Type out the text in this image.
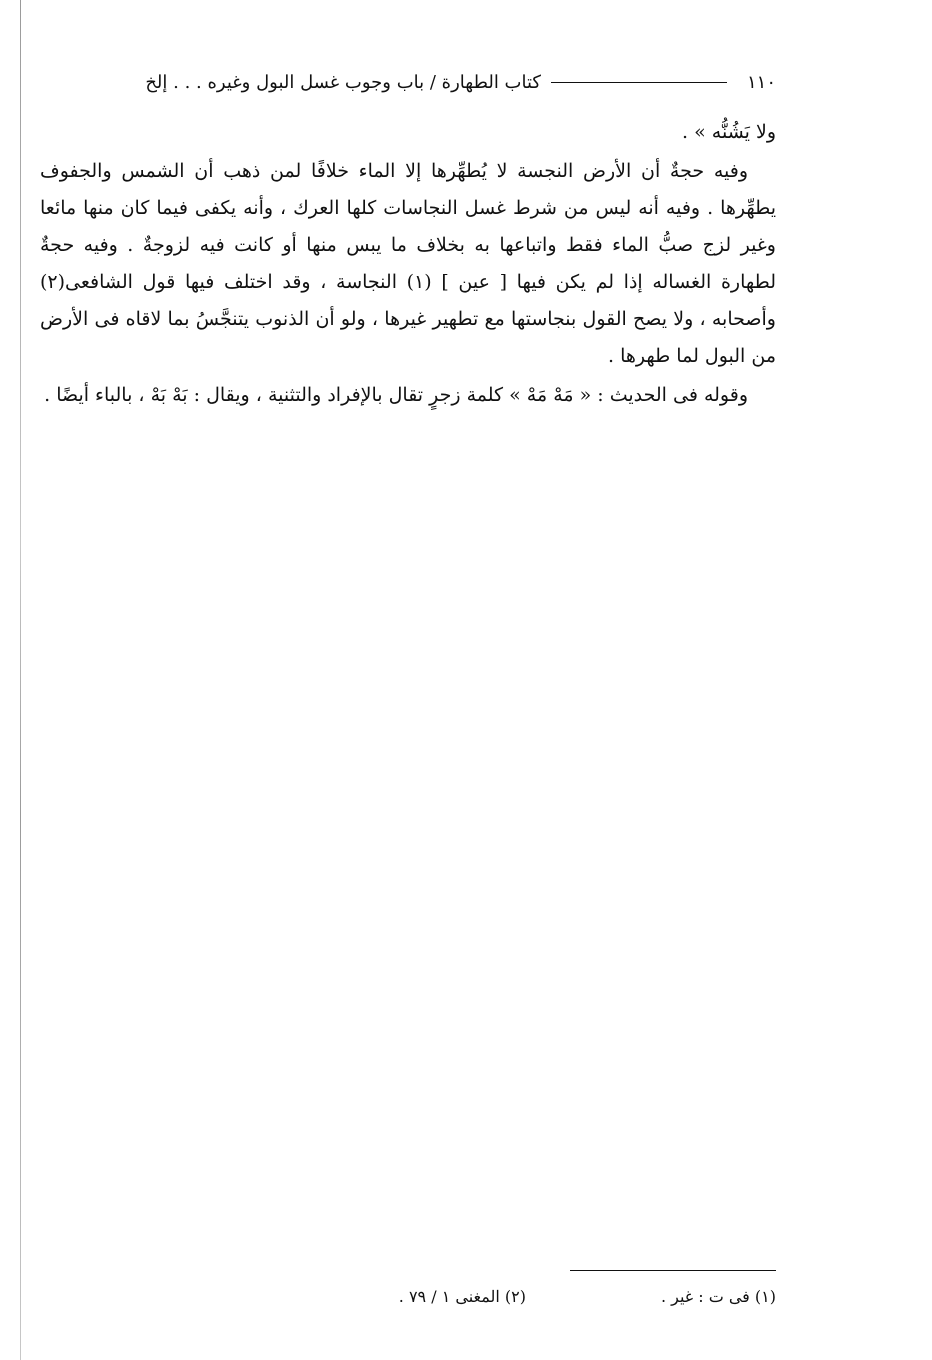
١١٠
كتاب الطهارة / باب وجوب غسل البول وغيره . . . إلخ

ولا يَشُنُّه » .

وفيه حجةٌ أن الأرض النجسة لا يُطهِّرها إلا الماء خلافًا لمن ذهب أن الشمس والجفوف يطهِّرها . وفيه أنه ليس من شرط غسل النجاسات كلها العرك ، وأنه يكفى فيما كان منها مائعا وغير لزج صبُّ الماء فقط واتباعها به بخلاف ما يبس منها أو كانت فيه لزوجةٌ . وفيه حجةٌ لطهارة الغساله إذا لم يكن فيها [ عين ] (١) النجاسة ، وقد اختلف فيها قول الشافعى(٢) وأصحابه ، ولا يصح القول بنجاستها مع تطهير غيرها ، ولو أن الذنوب يتنجَّسُ بما لاقاه فى الأرض من البول لما طهرها .

وقوله فى الحديث : « مَهْ مَهْ » كلمة زجرٍ تقال بالإفراد والتثنية ، ويقال : بَهْ بَهْ ، بالباء أيضًا .

(١) فى ت : غير .
(٢) المغنى ١ / ٧٩ .
